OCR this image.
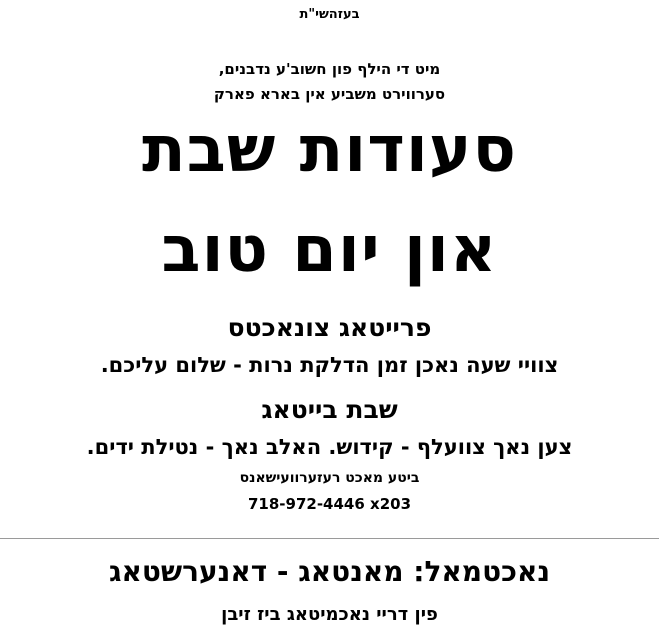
בעזהשי"ת
מיט די הילף פון חשוב'ע נדבנים,
סערווירט משביע אין בארא פארק
סעודות שבת
און יום טוב
פרייטאג צונאכטס
צוויי שעה נאכן זמן הדלקת נרות - שלום עליכם.
שבת בייטאג
צען נאך צוועלף - קידוש. האלב נאך - נטילת ידים.
ביטע מאכט רעזערוועישאנס
718-972-4446 x203
נאכטמאל: מאנטאג - דאנערשטאג
פין דריי נאכמיטאג ביז זיבן
